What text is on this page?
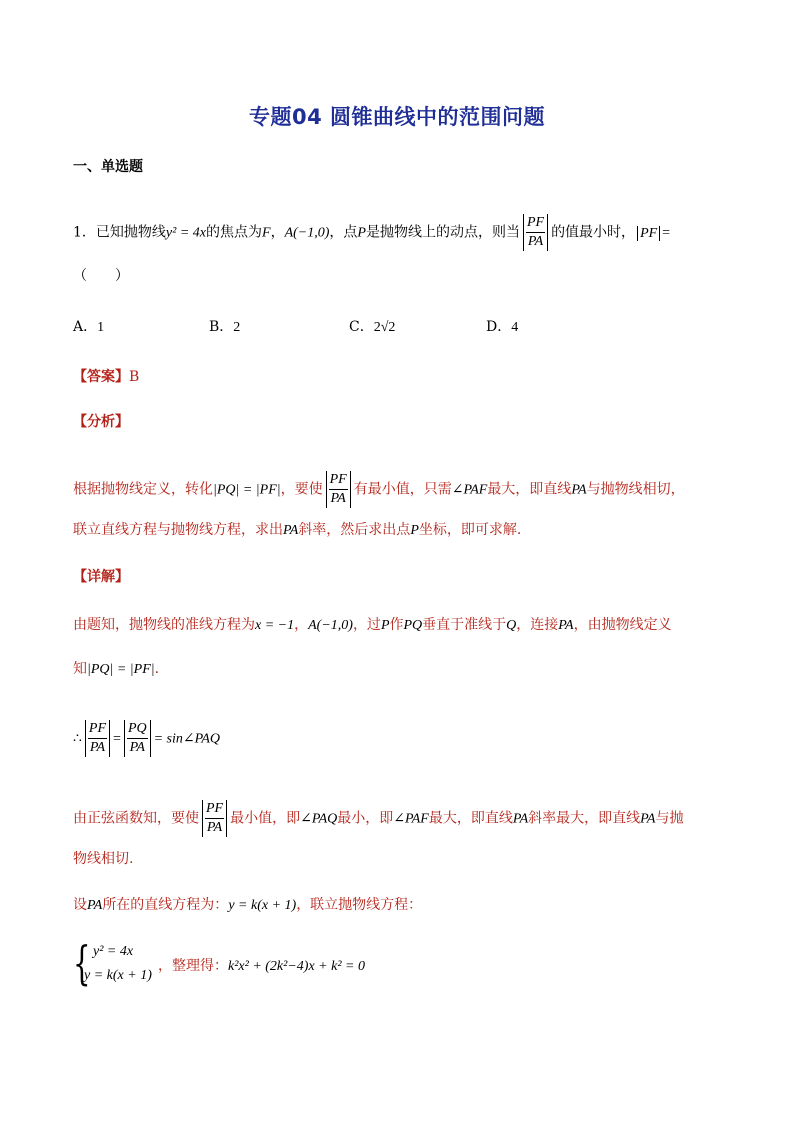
专题04 圆锥曲线中的范围问题
一、单选题
1．已知抛物线y² = 4x的焦点为F，A(−1,0)，点P是抛物线上的动点，则当 $\frac{PF}{PA}$ 的值最小时， PF =
（　　）
A．1	B．2	C．2√2	D．4
【答案】B
【分析】
根据抛物线定义，转化|PQ| = |PF|，要使 $\frac{PF}{PA}$ 有最小值，只需∠PAF最大，即直线PA与抛物线相切，
联立直线方程与抛物线方程，求出PA斜率，然后求出点P坐标，即可求解.
【详解】
由题知，抛物线的准线方程为x = −1，A(−1,0)，过P作PQ垂直于准线于Q，连接PA，由抛物线定义
知|PQ| = |PF|.
∴ $\frac{PF}{PA} = \frac{PQ}{PA}$ = sin∠PAQ
由正弦函数知，要使 $\frac{PF}{PA}$ 最小值，即∠PAQ最小，即∠PAF最大，即直线PA斜率最大，即直线PA与抛
物线相切.
设PA所在的直线方程为：y = k(x + 1)，联立抛物线方程：
{ y² = 4x
y = k(x + 1)
，整理得：k²x² + (2k²−4)x + k² = 0
